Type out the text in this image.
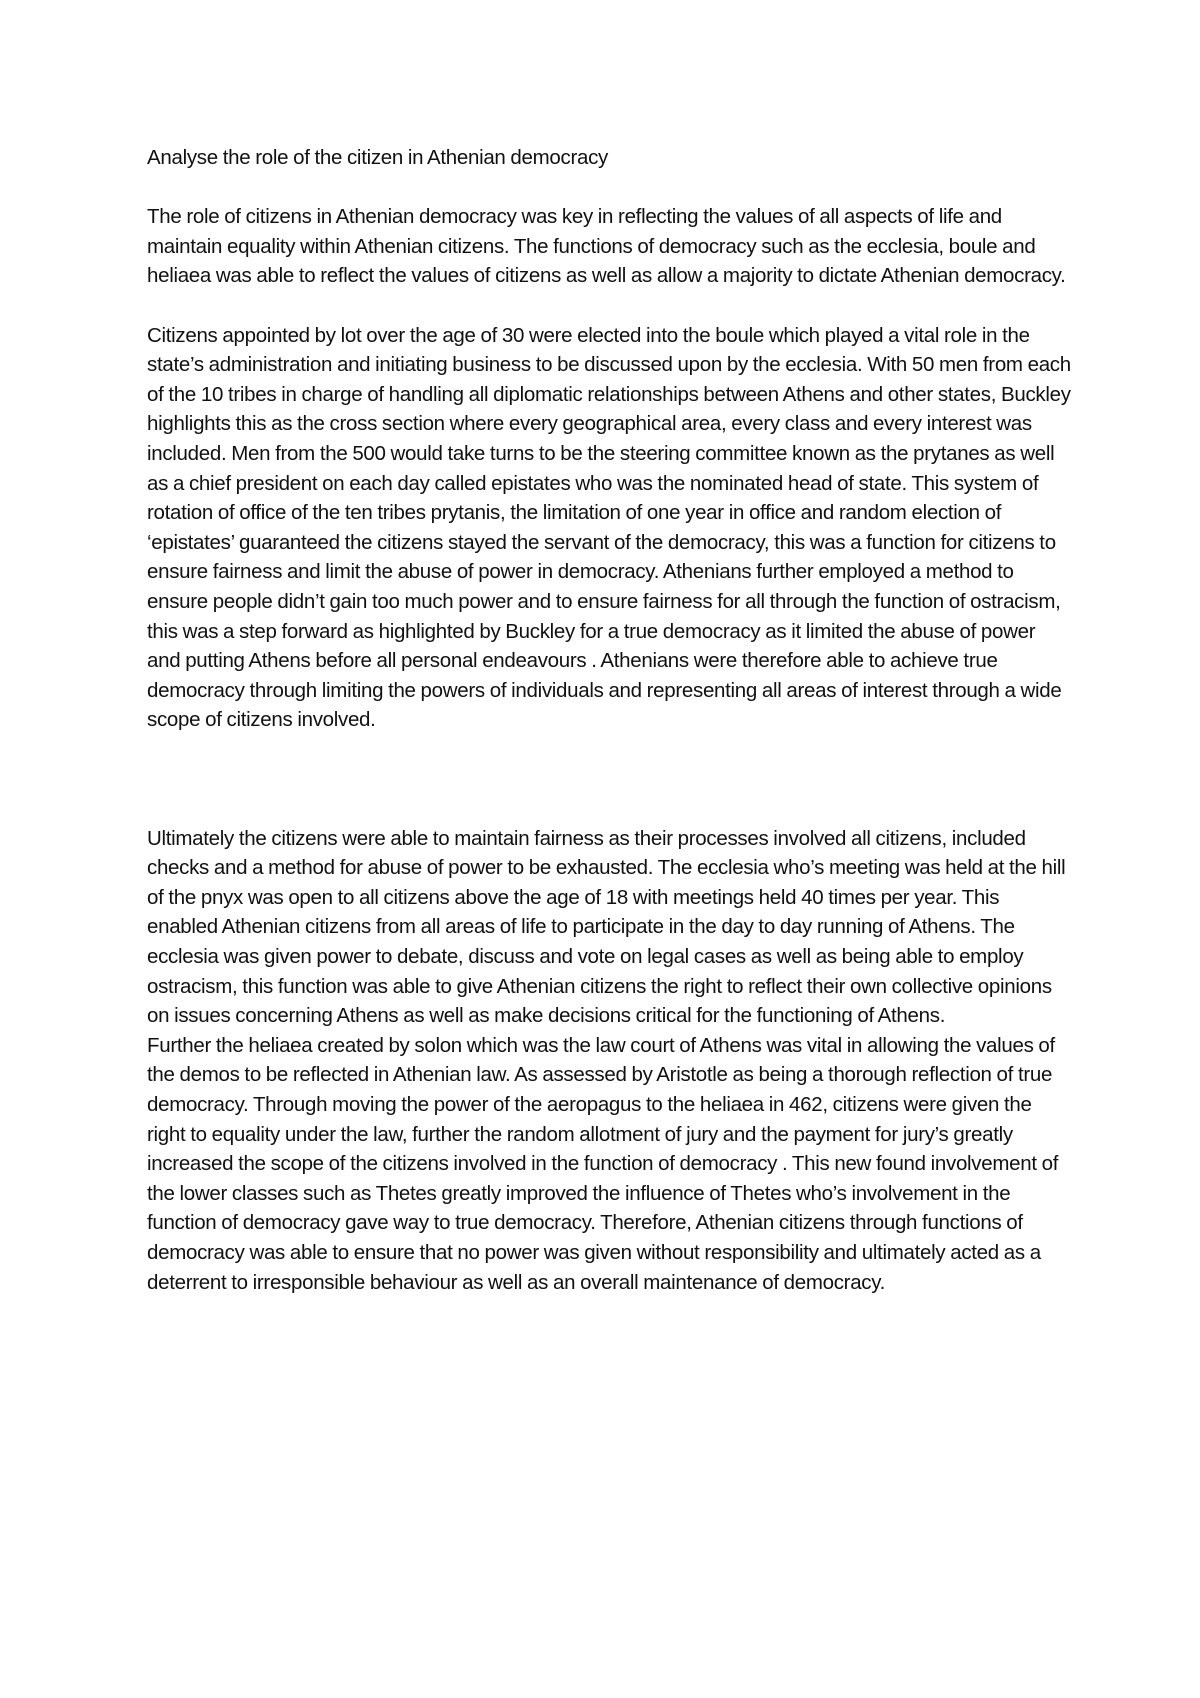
Analyse the role of the citizen in Athenian democracy
The role of citizens in Athenian democracy was key in reflecting the values of all aspects of life and maintain equality within Athenian citizens. The functions of democracy such as the ecclesia, boule and heliaea was able to reflect the values of citizens as well as allow a majority to dictate Athenian democracy.
Citizens appointed by lot over the age of 30 were elected into the boule which played a vital role in the state’s administration and initiating business to be discussed upon by the ecclesia. With 50 men from each of the 10 tribes in charge of handling all diplomatic relationships between Athens and other states, Buckley highlights this as the cross section where every geographical area, every class and every interest was included. Men from the 500 would take turns to be the steering committee known as the prytanes as well as a chief president on each day called epistates who was the nominated head of state. This system of rotation of office of the ten tribes prytanis, the limitation of one year in office and random election of ‘epistates’ guaranteed the citizens stayed the servant of the democracy, this was a function for citizens to ensure fairness and limit the abuse of power in democracy. Athenians further employed a method to ensure people didn’t gain too much power and to ensure fairness for all through the function of ostracism, this was a step forward as highlighted by Buckley for a true democracy as it limited the abuse of power and putting Athens before all personal endeavours . Athenians were therefore able to achieve true democracy through limiting the powers of individuals and representing all areas of interest through a wide scope of citizens involved.
Ultimately the citizens were able to maintain fairness as their processes involved all citizens, included checks and a method for abuse of power to be exhausted. The ecclesia who’s meeting was held at the hill of the pnyx was open to all citizens above the age of 18 with meetings held 40 times per year. This enabled Athenian citizens from all areas of life to participate in the day to day running of Athens. The ecclesia was given power to debate, discuss and vote on legal cases as well as being able to employ ostracism, this function was able to give Athenian citizens the right to reflect their own collective opinions on issues concerning Athens as well as make decisions critical for the functioning of Athens.
Further the heliaea created by solon which was the law court of Athens was vital in allowing the values of the demos to be reflected in Athenian law. As assessed by Aristotle as being a thorough reflection of true democracy. Through moving the power of the aeropagus to the heliaea in 462, citizens were given the right to equality under the law, further the random allotment of jury and the payment for jury’s greatly increased the scope of the citizens involved in the function of democracy . This new found involvement of the lower classes such as Thetes greatly improved the influence of Thetes who’s involvement in the function of democracy gave way to true democracy. Therefore, Athenian citizens through functions of democracy was able to ensure that no power was given without responsibility and ultimately acted as a deterrent to irresponsible behaviour as well as an overall maintenance of democracy.
